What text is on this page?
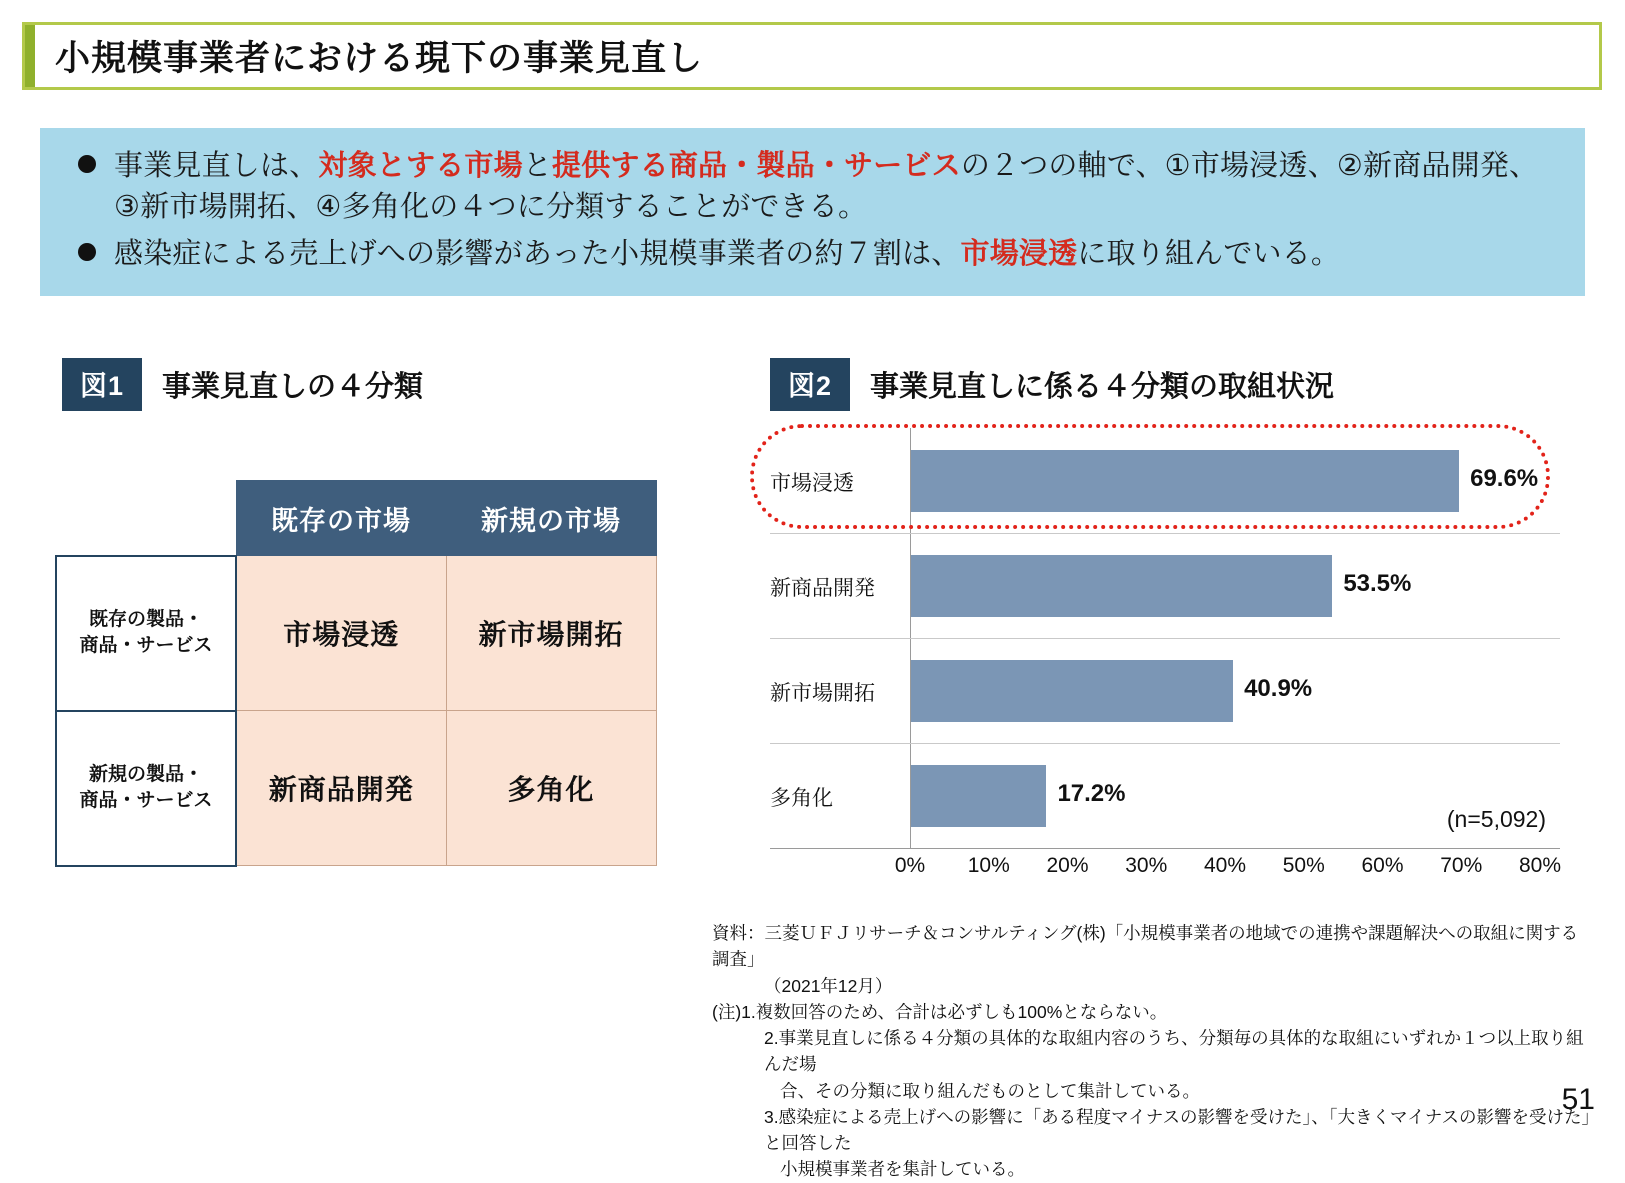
小規模事業者における現下の事業見直し
事業見直しは、対象とする市場と提供する商品・製品・サービスの２つの軸で、①市場浸透、②新商品開発、③新市場開拓、④多角化の４つに分類することができる。
感染症による売上げへの影響があった小規模事業者の約７割は、市場浸透に取り組んでいる。
図1	事業見直しの４分類
	既存の市場	新規の市場
既存の製品・
商品・サービス	市場浸透	新市場開拓
新規の製品・
商品・サービス	新商品開発	多角化
図2	事業見直しに係る４分類の取組状況
市場浸透	69.6%
新商品開発	53.5%
新市場開拓	40.9%
多角化	17.2%
(n=5,092)
0% 10% 20% 30% 40% 50% 60% 70% 80%
資料：三菱ＵＦＪリサーチ＆コンサルティング(株)「小規模事業者の地域での連携や課題解決への取組に関する調査」
（2021年12月）
(注)1.複数回答のため、合計は必ずしも100%とならない。
2.事業見直しに係る４分類の具体的な取組内容のうち、分類毎の具体的な取組にいずれか１つ以上取り組んだ場
合、その分類に取り組んだものとして集計している。
3.感染症による売上げへの影響に「ある程度マイナスの影響を受けた」、「大きくマイナスの影響を受けた」と回答した
小規模事業者を集計している。
51
